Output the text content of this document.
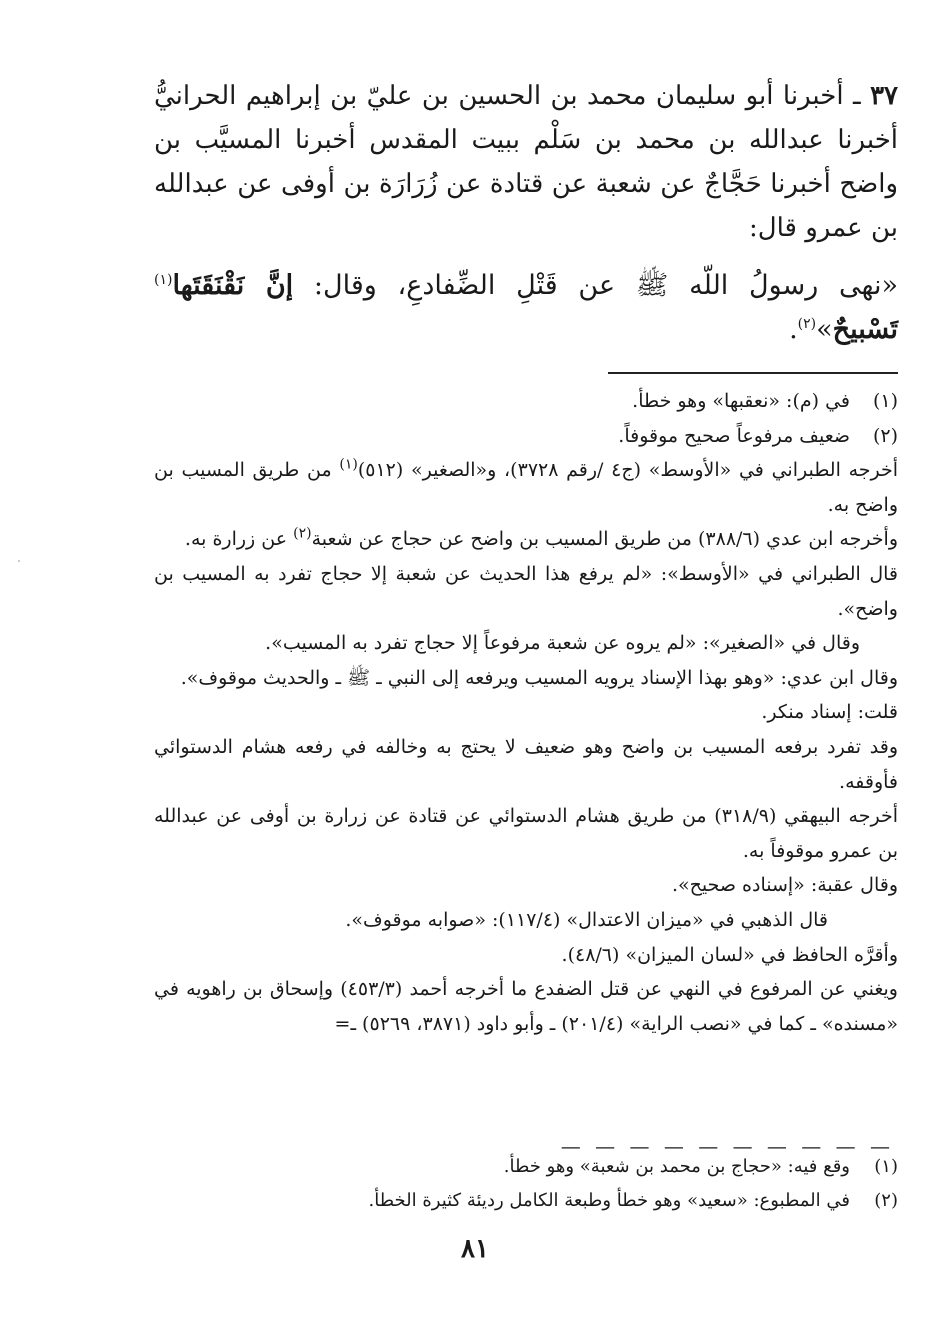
٣٧ ـ أخبرنا أبو سليمان محمد بن الحسين بن عليّ بن إبراهيم الحرانيُّ أخبرنا عبدالله بن محمد بن سَلْم ببيت المقدس أخبرنا المسيَّب بن واضح أخبرنا حَجَّاجٌ عن شعبة عن قتادة عن زُرَارَة بن أوفى عن عبدالله بن عمرو قال:

«نهى رسولُ اللّه ﷺ عن قَتْلِ الضِّفادعِ، وقال: إنَّ نَقْنَقَتَها$^{(١)}$ تَسْبيحٌ»$^{(٢)}$.

(١)
في (م): «نعقبها» وهو خطأ.
(٢)
ضعيف مرفوعاً صحيح موقوفاً.
أخرجه الطبراني في «الأوسط» (ج٤ /رقم ٣٧٢٨)، و«الصغير» (٥١٢)$^{(١)}$ من طريق المسيب بن واضح به.
وأخرجه ابن عدي (٣٨٨/٦) من طريق المسيب بن واضح عن حجاج عن شعبة$^{(٢)}$ عن زرارة به.
قال الطبراني في «الأوسط»: «لم يرفع هذا الحديث عن شعبة إلا حجاج تفرد به المسيب بن واضح».
وقال في «الصغير»: «لم يروه عن شعبة مرفوعاً إلا حجاج تفرد به المسيب».
وقال ابن عدي: «وهو بهذا الإسناد يرويه المسيب ويرفعه إلى النبي ـ ﷺ ـ والحديث موقوف».
قلت: إسناد منكر.
وقد تفرد برفعه المسيب بن واضح وهو ضعيف لا يحتج به وخالفه في رفعه هشام الدستوائي فأوقفه.
أخرجه البيهقي (٣١٨/٩) من طريق هشام الدستوائي عن قتادة عن زرارة بن أوفى عن عبدالله بن عمرو موقوفاً به.
وقال عقبة: «إسناده صحيح».
قال الذهبي في «ميزان الاعتدال» (١١٧/٤): «صوابه موقوف».
وأقرَّه الحافظ في «لسان الميزان» (٤٨/٦).
ويغني عن المرفوع في النهي عن قتل الضفدع ما أخرجه أحمد (٤٥٣/٣) وإسحاق بن راهويه في «مسنده» ـ كما في «نصب الراية» (٢٠١/٤) ـ وأبو داود (٣٨٧١، ٥٢٦٩) ـ=
— — — — — — — — — —
(١)
وقع فيه: «حجاج بن محمد بن شعبة» وهو خطأ.
(٢)
في المطبوع: «سعيد» وهو خطأ وطبعة الكامل رديئة كثيرة الخطأ.
٨١
